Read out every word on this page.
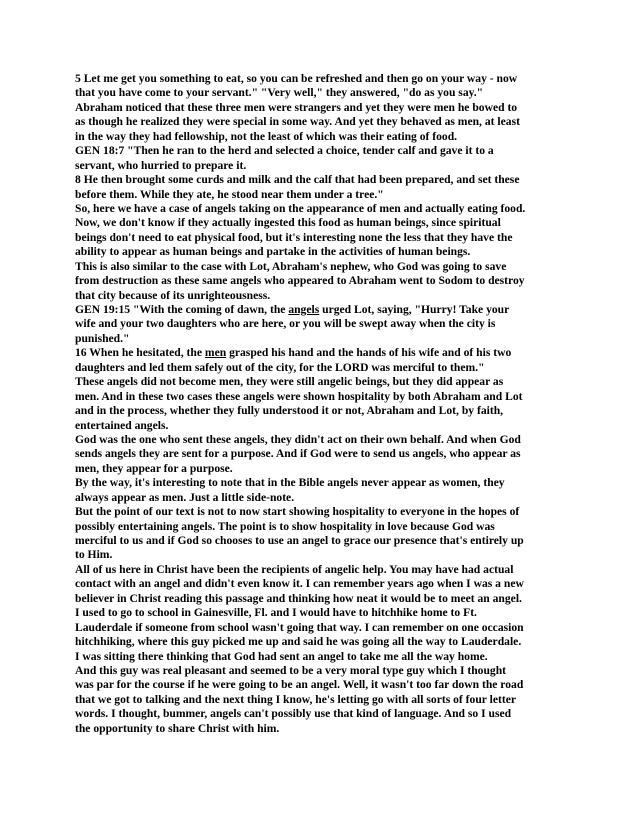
5 Let me get you something to eat, so you can be refreshed and then go on your way - now
that you have come to your servant." "Very well," they answered, "do as you say."
Abraham noticed that these three men were strangers and yet they were men he bowed to
as though he realized they were special in some way. And yet they behaved as men, at least
in the way they had fellowship, not the least of which was their eating of food.
GEN 18:7 "Then he ran to the herd and selected a choice, tender calf and gave it to a
servant, who hurried to prepare it.
8 He then brought some curds and milk and the calf that had been prepared, and set these
before them. While they ate, he stood near them under a tree."
So, here we have a case of angels taking on the appearance of men and actually eating food.
Now, we don't know if they actually ingested this food as human beings, since spiritual
beings don't need to eat physical food, but it's interesting none the less that they have the
ability to appear as human beings and partake in the activities of human beings.
This is also similar to the case with Lot, Abraham's nephew, who God was going to save
from destruction as these same angels who appeared to Abraham went to Sodom to destroy
that city because of its unrighteousness.
GEN 19:15 "With the coming of dawn, the angels urged Lot, saying, "Hurry! Take your
wife and your two daughters who are here, or you will be swept away when the city is
punished."
16 When he hesitated, the men grasped his hand and the hands of his wife and of his two
daughters and led them safely out of the city, for the LORD was merciful to them."
These angels did not become men, they were still angelic beings, but they did appear as
men. And in these two cases these angels were shown hospitality by both Abraham and Lot
and in the process, whether they fully understood it or not, Abraham and Lot, by faith,
entertained angels.
God was the one who sent these angels, they didn't act on their own behalf. And when God
sends angels they are sent for a purpose. And if God were to send us angels, who appear as
men, they appear for a purpose.
By the way, it's interesting to note that in the Bible angels never appear as women, they
always appear as men. Just a little side-note.
But the point of our text is not to now start showing hospitality to everyone in the hopes of
possibly entertaining angels. The point is to show hospitality in love because God was
merciful to us and if God so chooses to use an angel to grace our presence that's entirely up
to Him.
All of us here in Christ have been the recipients of angelic help. You may have had actual
contact with an angel and didn't even know it. I can remember years ago when I was a new
believer in Christ reading this passage and thinking how neat it would be to meet an angel.
I used to go to school in Gainesville, Fl. and I would have to hitchhike home to Ft.
Lauderdale if someone from school wasn't going that way. I can remember on one occasion
hitchhiking, where this guy picked me up and said he was going all the way to Lauderdale.
I was sitting there thinking that God had sent an angel to take me all the way home.
And this guy was real pleasant and seemed to be a very moral type guy which I thought
was par for the course if he were going to be an angel. Well, it wasn't too far down the road
that we got to talking and the next thing I know, he's letting go with all sorts of four letter
words. I thought, bummer, angels can't possibly use that kind of language. And so I used
the opportunity to share Christ with him.
